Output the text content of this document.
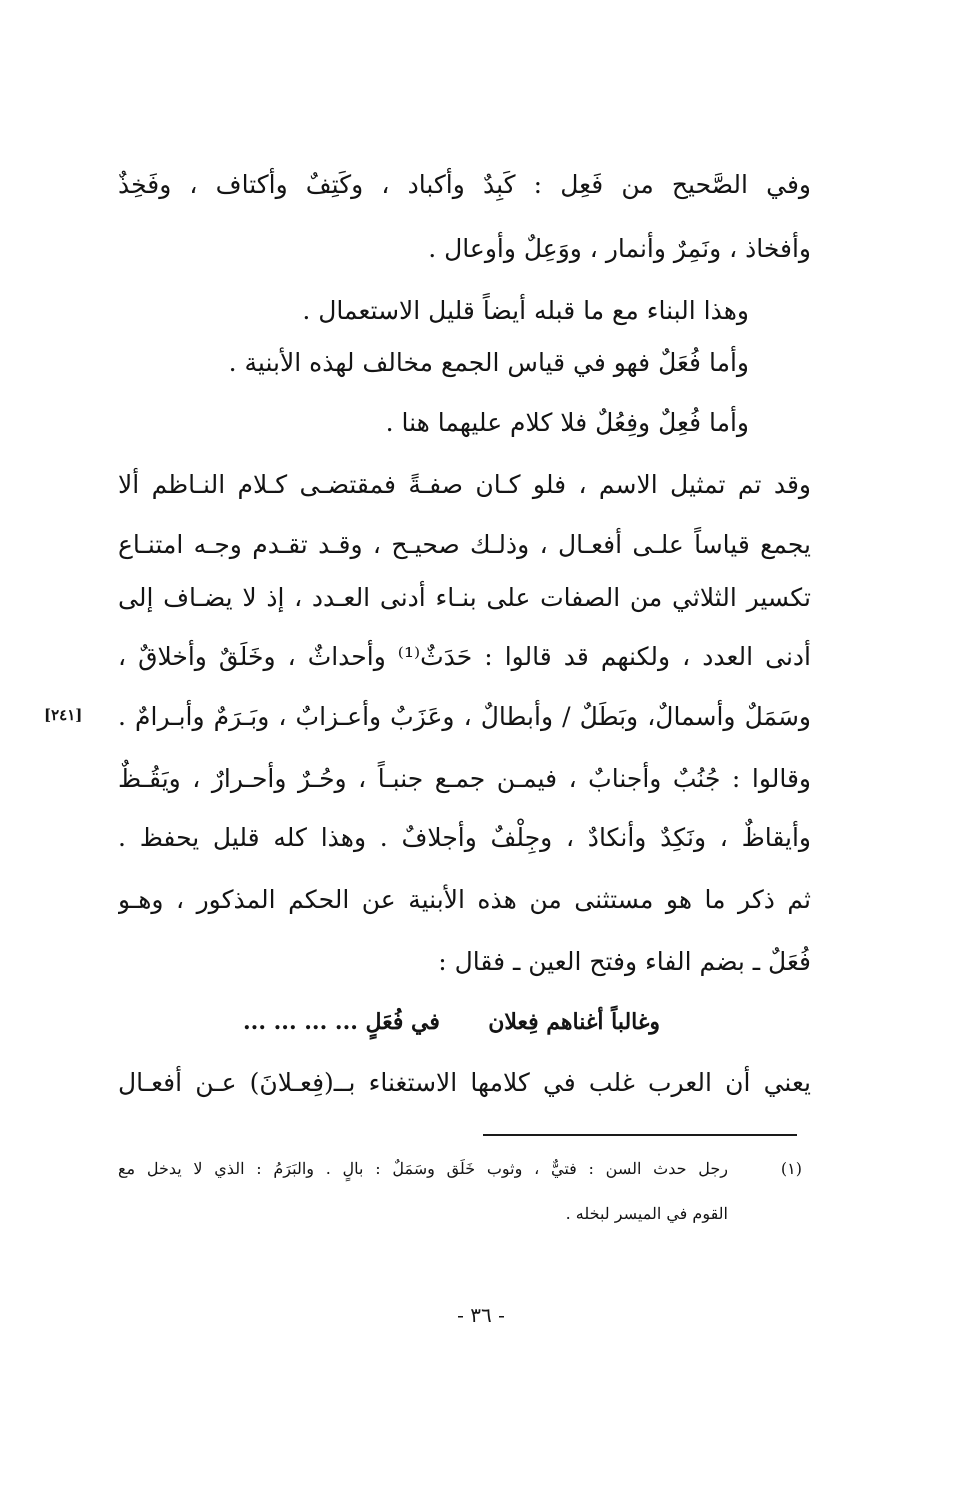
وفي الصَّحيح من فَعِل : كَبِدٌ وأكباد ، وكَتِفٌ وأكتاف ، وفَخِذٌ
وأفخاذ ، ونَمِرٌ وأنمار ، ووَعِلٌ وأوعال .
وهذا البناء مع ما قبله أيضاً قليل الاستعمال .
وأما فُعَلٌ فهو في قياس الجمع مخالف لهذه الأبنية .
وأما فُعِلٌ وفِعُلٌ فلا كلام عليهما هنا .
وقد تم تمثيل الاسم ، فلو كـان صفـةً فمقتضـى كـلام النـاظم ألا
يجمع قياساً علـى أفعـال ، وذلـك صحيـح ، وقـد تقـدم وجـه امتنـاع
تكسير الثلاثي من الصفات على بنـاء أدنى العـدد ، إذ لا يضـاف إلى
أدنى العدد ، ولكنهم قد قالوا : حَدَثٌ⁽¹⁾ وأحداثٌ ، وخَلَقٌ وأخلاقٌ ،
وسَمَلٌ وأسمالٌ، وبَطَلٌ / وأبطالٌ ، وعَزَبٌ وأعـزابٌ ، وبَـرَمٌ وأبـرامٌ .
وقالوا : جُنُبٌ وأجنابٌ ، فيمـن جمـع جنبـاً ، وحُـرٌ وأحـرارٌ ، ويَقُـظٌ
وأيقاظٌ ، ونَكِدٌ وأنكادٌ ، وجِلْفٌ وأجلافٌ . وهذا كله قليل يحفظ .
ثم ذكر ما هو مستثنى من هذه الأبنية عن الحكم المذكور ، وهـو
فُعَلٌ ـ بضم الفاء وفتح العين ـ فقال :
وغالباً أغناهم فِعلان
في فُعَلٍ ... ... ... ...
يعني أن العرب غلب في كلامها الاستغناء بــ(فِعـلانَ) عـن أفعـال
[٢٤١]
(١)
رجل حدث السن : فتيٌّ ، وثوب خَلَق وسَمَلٌ : بالٍ . والبَرَمُ : الذي لا يدخل مع
القوم في الميسر لبخله .
- ٣٦ -
